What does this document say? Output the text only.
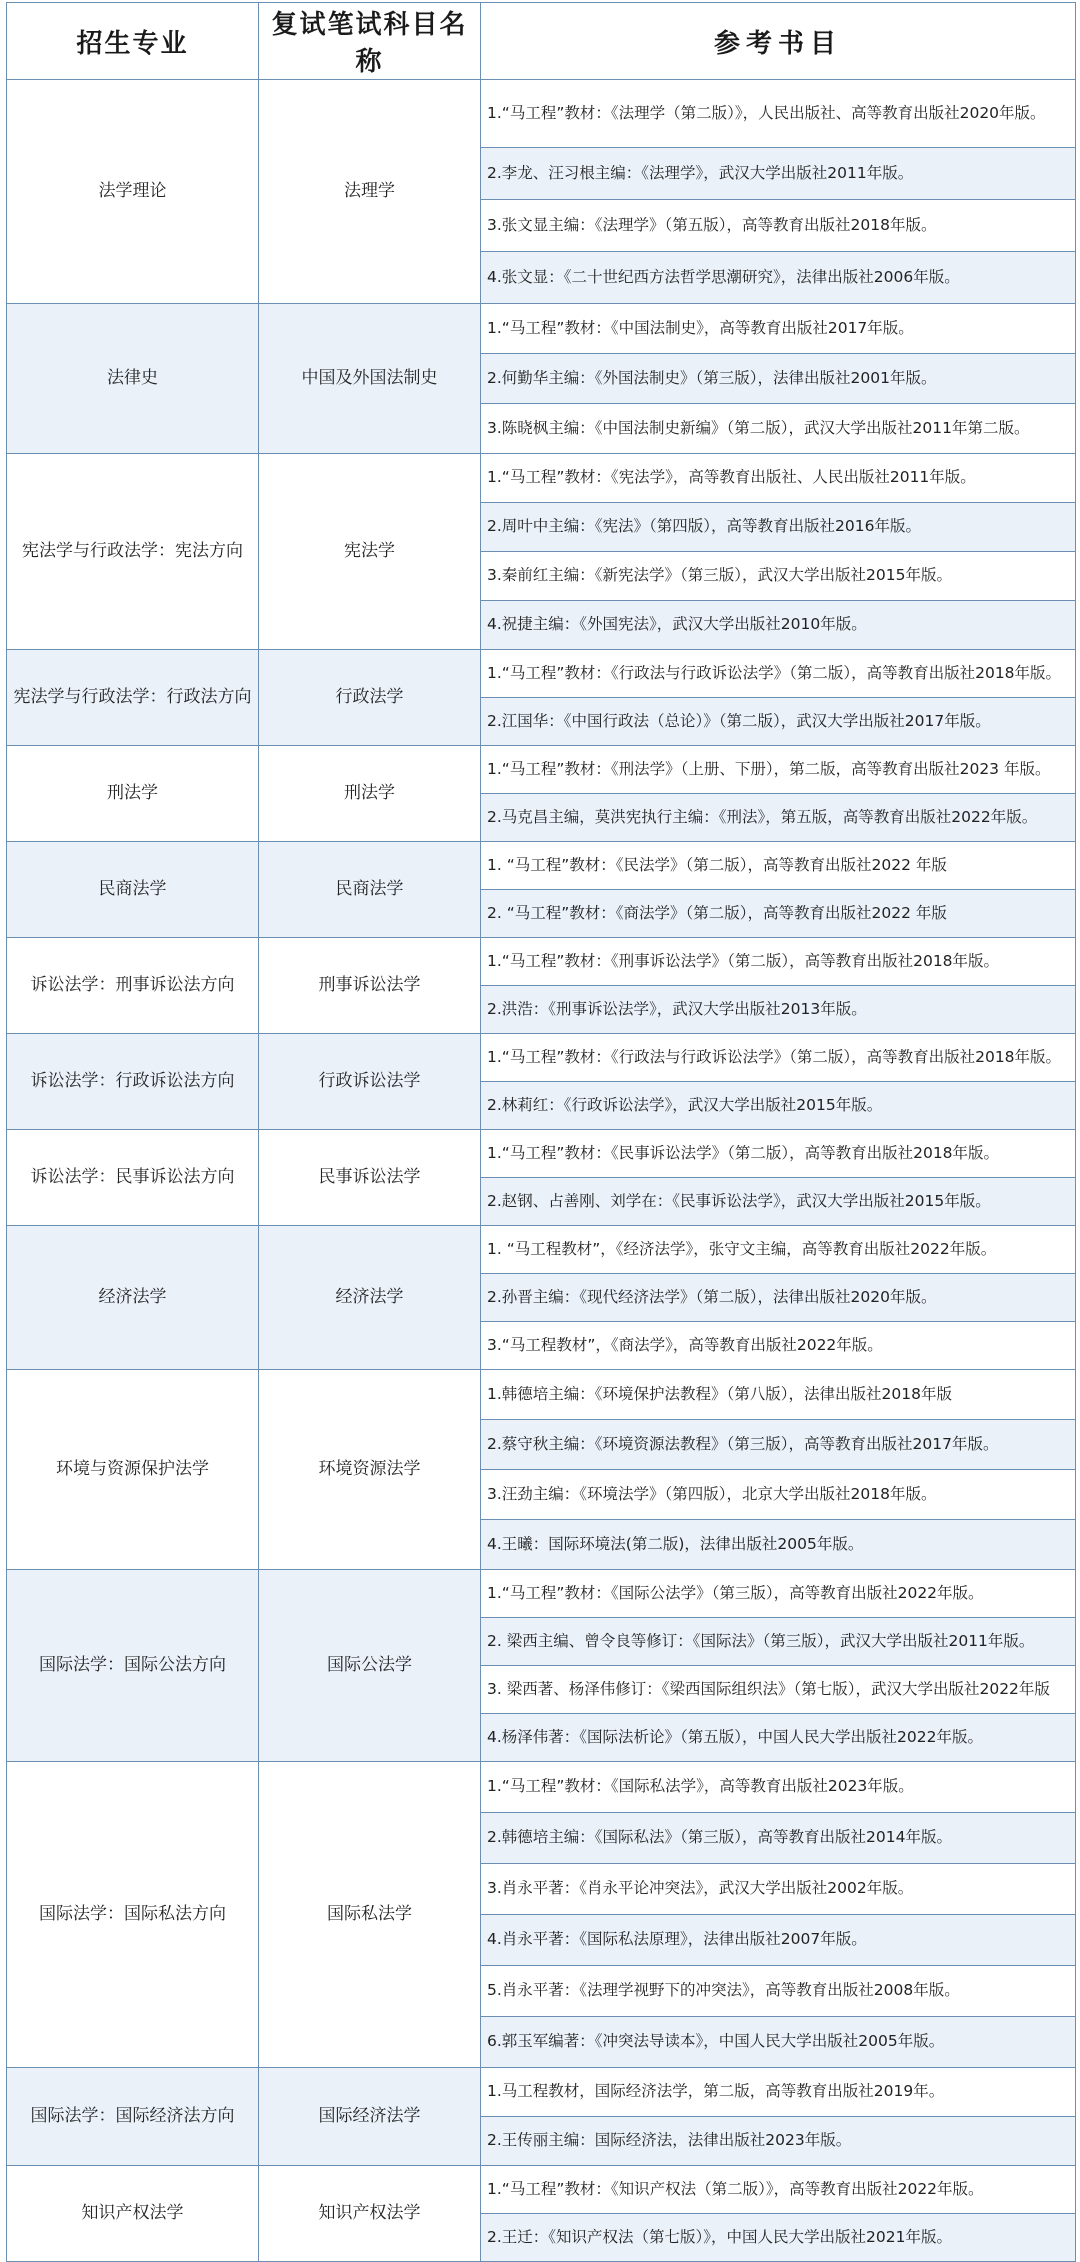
招生专业	复试笔试科目名称	参考书目
法学理论	法理学	1.“马工程”教材：《法理学（第二版）》，人民出版社、高等教育出版社2020年版。
		2.李龙、汪习根主编：《法理学》，武汉大学出版社2011年版。
		3.张文显主编：《法理学》（第五版），高等教育出版社2018年版。
		4.张文显：《二十世纪西方法哲学思潮研究》，法律出版社2006年版。
法律史	中国及外国法制史	1.“马工程”教材：《中国法制史》，高等教育出版社2017年版。
		2.何勤华主编：《外国法制史》（第三版），法律出版社2001年版。
		3.陈晓枫主编：《中国法制史新编》（第二版），武汉大学出版社2011年第二版。
宪法学与行政法学：宪法方向	宪法学	1.“马工程”教材：《宪法学》，高等教育出版社、人民出版社2011年版。
		2.周叶中主编：《宪法》（第四版），高等教育出版社2016年版。
		3.秦前红主编：《新宪法学》（第三版），武汉大学出版社2015年版。
		4.祝捷主编：《外国宪法》，武汉大学出版社2010年版。
宪法学与行政法学：行政法方向	行政法学	1.“马工程”教材：《行政法与行政诉讼法学》（第二版），高等教育出版社2018年版。
		2.江国华：《中国行政法（总论）》（第二版），武汉大学出版社2017年版。
刑法学	刑法学	1.“马工程”教材：《刑法学》（上册、下册），第二版，高等教育出版社2023 年版。
		2.马克昌主编，莫洪宪执行主编：《刑法》，第五版，高等教育出版社2022年版。
民商法学	民商法学	1. “马工程”教材：《民法学》（第二版），高等教育出版社2022 年版
		2. “马工程”教材：《商法学》（第二版），高等教育出版社2022 年版
诉讼法学：刑事诉讼法方向	刑事诉讼法学	1.“马工程”教材：《刑事诉讼法学》（第二版），高等教育出版社2018年版。
		2.洪浩：《刑事诉讼法学》，武汉大学出版社2013年版。
诉讼法学：行政诉讼法方向	行政诉讼法学	1.“马工程”教材：《行政法与行政诉讼法学》（第二版），高等教育出版社2018年版。
		2.林莉红：《行政诉讼法学》，武汉大学出版社2015年版。
诉讼法学：民事诉讼法方向	民事诉讼法学	1.“马工程”教材：《民事诉讼法学》（第二版），高等教育出版社2018年版。
		2.赵钢、占善刚、刘学在：《民事诉讼法学》，武汉大学出版社2015年版。
经济法学	经济法学	1. “马工程教材”，《经济法学》，张守文主编，高等教育出版社2022年版。
		2.孙晋主编：《现代经济法学》（第二版），法律出版社2020年版。
		3.“马工程教材”，《商法学》，高等教育出版社2022年版。
环境与资源保护法学	环境资源法学	1.韩德培主编：《环境保护法教程》（第八版），法律出版社2018年版
		2.蔡守秋主编：《环境资源法教程》（第三版），高等教育出版社2017年版。
		3.汪劲主编：《环境法学》（第四版），北京大学出版社2018年版。
		4.王曦：国际环境法(第二版)，法律出版社2005年版。
国际法学：国际公法方向	国际公法学	1.“马工程”教材：《国际公法学》（第三版），高等教育出版社2022年版。
		2. 梁西主编、曾令良等修订：《国际法》（第三版），武汉大学出版社2011年版。
		3. 梁西著、杨泽伟修订：《梁西国际组织法》（第七版），武汉大学出版社2022年版
		4.杨泽伟著：《国际法析论》（第五版），中国人民大学出版社2022年版。
国际法学：国际私法方向	国际私法学	1.“马工程”教材：《国际私法学》，高等教育出版社2023年版。
		2.韩德培主编：《国际私法》（第三版），高等教育出版社2014年版。
		3.肖永平著：《肖永平论冲突法》，武汉大学出版社2002年版。
		4.肖永平著：《国际私法原理》，法律出版社2007年版。
		5.肖永平著：《法理学视野下的冲突法》，高等教育出版社2008年版。
		6.郭玉军编著：《冲突法导读本》，中国人民大学出版社2005年版。
国际法学：国际经济法方向	国际经济法学	1.马工程教材，国际经济法学，第二版，高等教育出版社2019年。
		2.王传丽主编：国际经济法，法律出版社2023年版。
知识产权法学	知识产权法学	1.“马工程”教材：《知识产权法（第二版）》，高等教育出版社2022年版。
		2.王迁：《知识产权法（第七版）》，中国人民大学出版社2021年版。
